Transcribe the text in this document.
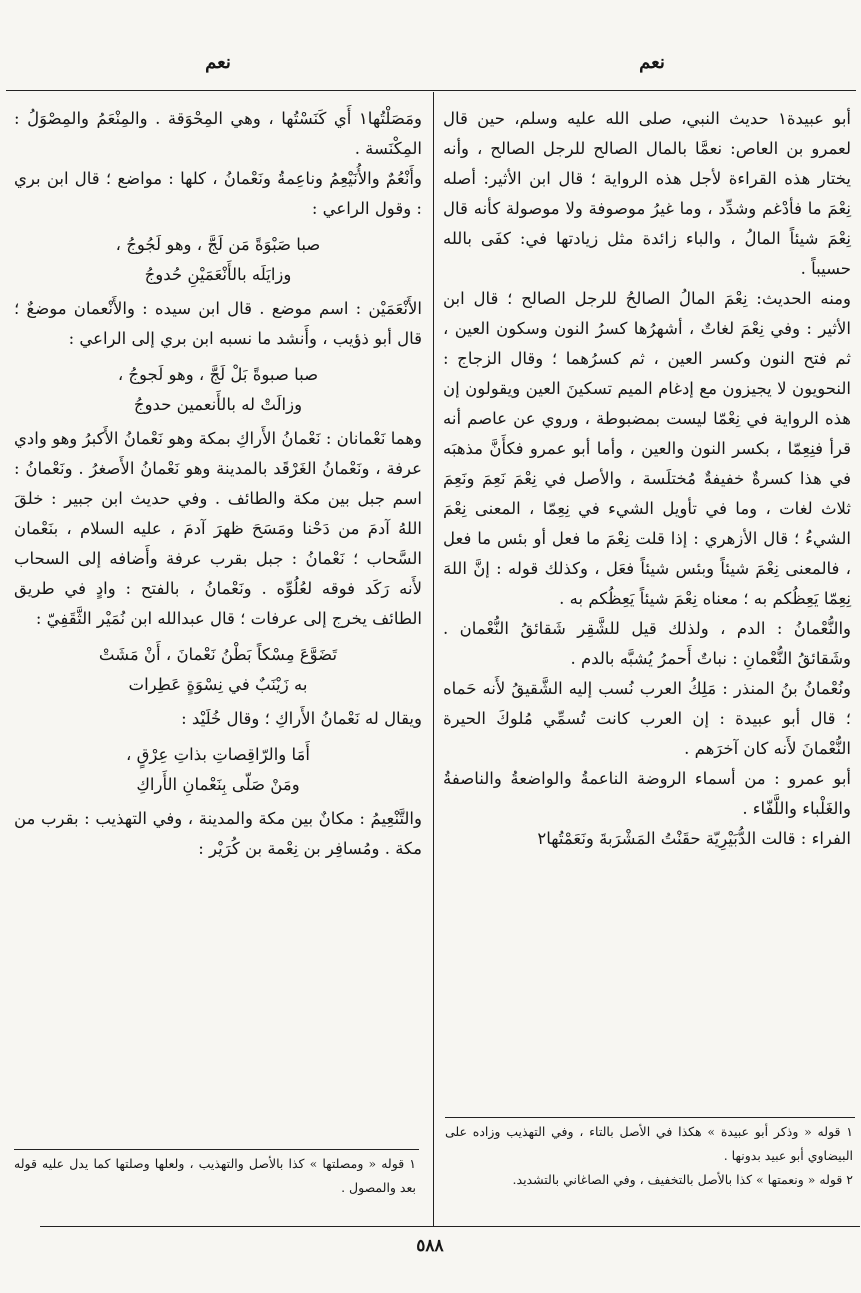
نعم
نعم

أبو عبيدة١ حديث النبي، صلى الله عليه وسلم، حين قال لعمرو بن العاص: نعمَّا بالمال الصالح للرجل الصالح ، وأنه يختار هذه القراءة لأجل هذه الرواية ؛ قال ابن الأثير: أصله نِعْمَ ما فأدْغم وشدِّد ، وما غيرُ موصوفة ولا موصولة كأنه قال نِعْمَ شيئاً المالُ ، والباء زائدة مثل زيادتها في: كفَى بالله حسيباً .

ومنه الحديث: نِعْمَ المالُ الصالحُ للرجل الصالح ؛ قال ابن الأثير : وفي نِعْمَ لغاتٌ ، أشهرُها كسرُ النون وسكون العين ، ثم فتح النون وكسر العين ، ثم كسرُهما ؛ وقال الزجاج : النحويون لا يجيزون مع إدغام الميم تسكينَ العين ويقولون إن هذه الرواية في نِعْمّا ليست بمضبوطة ، وروي عن عاصم أنه قرأ فنِعِمّا ، بكسر النون والعين ، وأما أبو عمرو فكأَنَّ مذهبَه في هذا كسرةٌ خفيفةٌ مُختلَسة ، والأصل في نِعْمَ نَعِمَ ونَعِمَ ثلاث لغات ، وما في تأويل الشيء في نِعِمّا ، المعنى نِعْمَ الشيءُ ؛ قال الأزهري : إذا قلت نِعْمَ ما فعل أو بئس ما فعل ، فالمعنى نِعْمَ شيئاً وبئس شيئاً فعَل ، وكذلك قوله : إنَّ اللهَ نِعِمّا يَعِظُكم به ؛ معناه نِعْمَ شيئاً يَعِظُكم به .

والنُّعْمانُ : الدم ، ولذلك قيل للشَّقِر شَقائقُ النُّعْمان . وشَقائقُ النُّعْمانِ : نباتٌ أَحمرُ يُشبَّه بالدم .

ونُعْمانُ بنُ المنذر : مَلِكُ العرب نُسب إليه الشَّقيقُ لأَنه حَماه ؛ قال أبو عبيدة : إن العرب كانت تُسمِّي مُلوكَ الحيرة النُّعْمانَ لأَنه كان آخرَهم .

أبو عمرو : من أسماء الروضة الناعمةُ والواضعةُ والناصفةُ والغَلْباء واللَّفّاء .

الفراء : قالت الدُّبَيْرِيّة حقَنْتُ المَشْرَبةَ ونَعَمْتُها٢

ومَصَلْتُها١ أَي كَنَسْتُها ، وهي المِحْوَقة . والمِنْعَمُ والمِصْوَلُ : المِكْنَسة .

وأَنْعُمٌ والأُنَيْعِمُ وناعِمةُ ونَعْمانُ ، كلها : مواضع ؛ قال ابن بري : وقول الراعي :

صبا صَبْوَةً مَن لَجَّ ، وهو لَجُوجُ ،
وزايَلَه بالأَنْعَمَيْنِ حُدوجُ

الأَنْعَمَيْن : اسم موضع . قال ابن سيده : والأَنْعمان موضعٌ ؛ قال أبو ذؤيب ، وأَنشد ما نسبه ابن بري إلى الراعي :

صبا صبوةً بَلْ لَجَّ ، وهو لَجوجُ ،
وزالَتْ له بالأَنعمين حدوجُ

وهما نَعْمانان : نَعْمانُ الأَراكِ بمكة وهو نَعْمانُ الأَكبرُ وهو وادي عرفة ، ونَعْمانُ الغَرْقَد بالمدينة وهو نَعْمانُ الأَصغرُ . ونَعْمانُ : اسم جبل بين مكة والطائف . وفي حديث ابن جبير : خلقَ اللهُ آدمَ من دَحْنا ومَسَحَ ظهرَ آدمَ ، عليه السلام ، بنَعْمان السَّحاب ؛ نَعْمانُ : جبل بقرب عرفة وأَضافه إلى السحاب لأَنه رَكَد فوقه لعُلُوِّه . ونَعْمانُ ، بالفتح : وادٍ في طريق الطائف يخرج إلى عرفات ؛ قال عبدالله ابن نُمَيْر الثَّقَفِيّ :

تَضَوَّعَ مِسْكاً بَطْنُ نَعْمانَ ، أَنْ مَشَتْ
به زَيْنَبٌ في نِسْوَةٍ عَطِرات

ويقال له نَعْمانُ الأَراكِ ؛ وقال خُلَيْد :

أَمَا والرّاقِصاتِ بذاتِ عِرْقٍ ،
ومَنْ صَلّى بِنَعْمانِ الأَراكِ

والتَّنْعِيمُ : مكانٌ بين مكة والمدينة ، وفي التهذيب : بقرب من مكة . ومُسافِر بن نِعْمة بن كُرَيْر :

١ قوله « وذكر أبو عبيدة » هكذا في الأصل بالتاء ، وفي التهذيب وزاده على البيضاوي أبو عبيد بدونها .

٢ قوله « ونعمتها » كذا بالأصل بالتخفيف ، وفي الصاغاني بالتشديد.

١ قوله « ومصلتها » كذا بالأصل والتهذيب ، ولعلها وصلتها كما يدل عليه قوله بعد والمصول .

٥٨٨
